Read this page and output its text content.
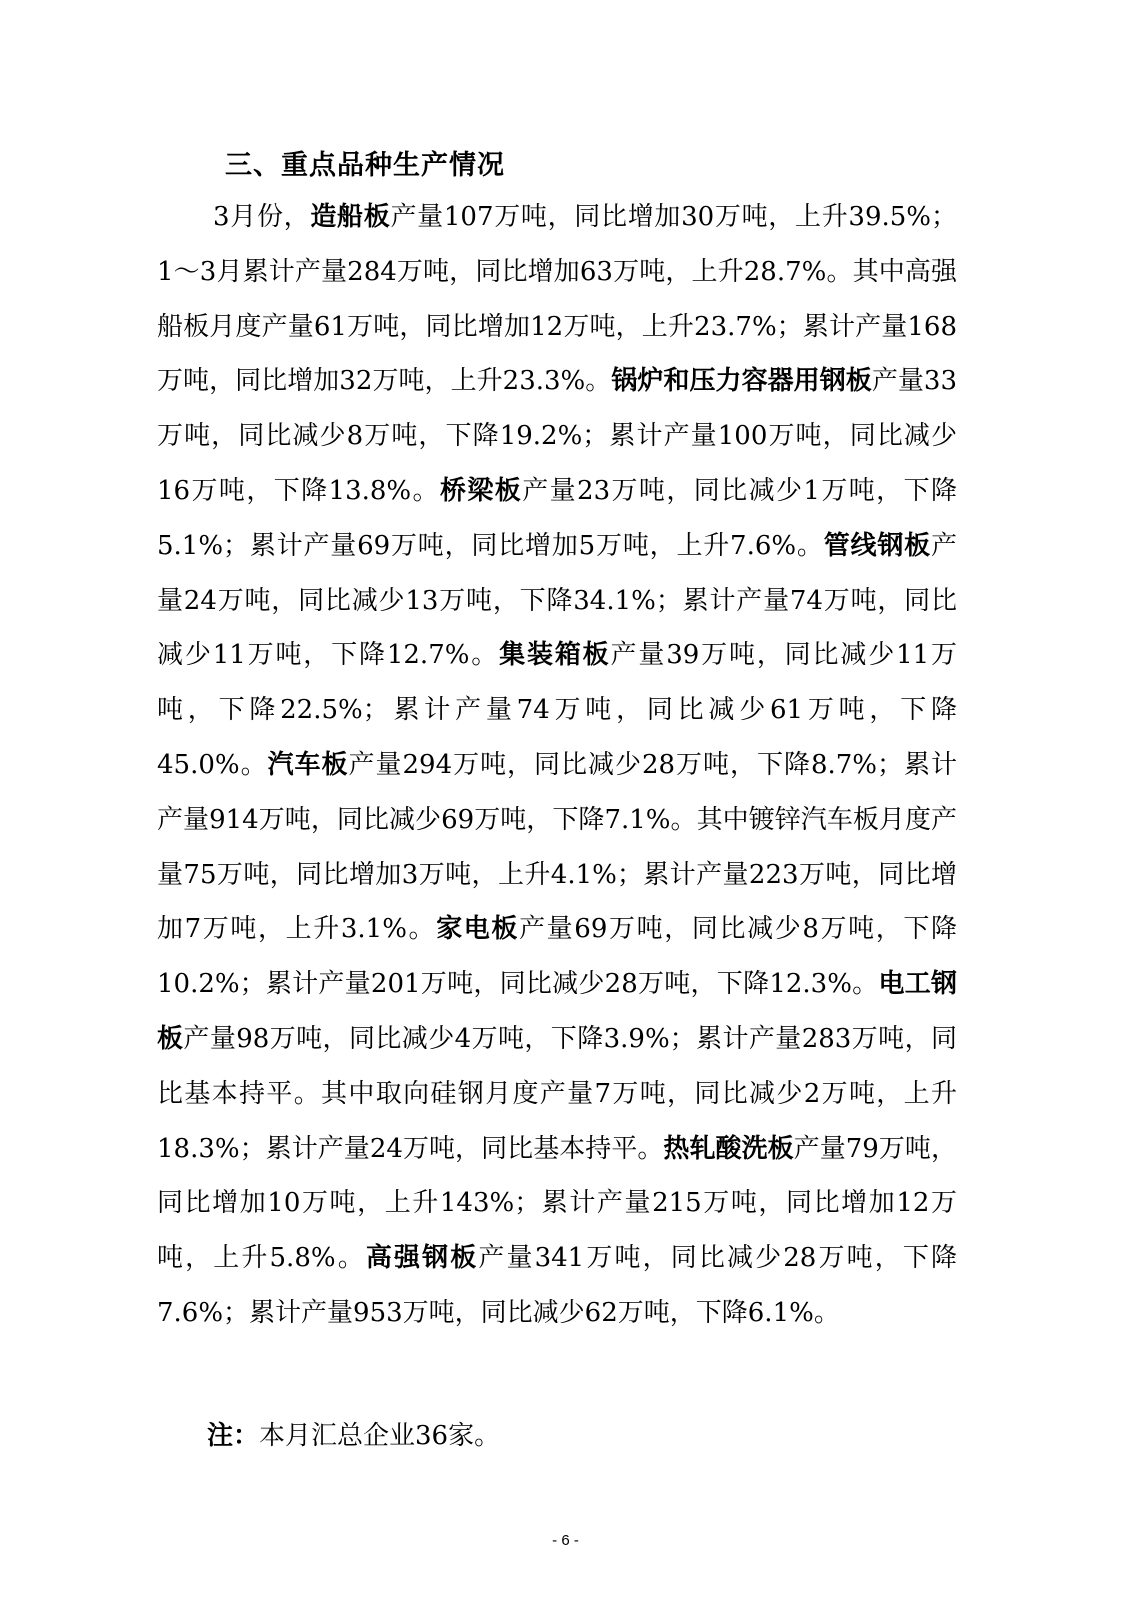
三、重点品种生产情况

3月份，造船板产量107万吨，同比增加30万吨，上升39.5%；1～3月累计产量284万吨，同比增加63万吨，上升28.7%。其中高强船板月度产量61万吨，同比增加12万吨，上升23.7%；累计产量168万吨，同比增加32万吨，上升23.3%。锅炉和压力容器用钢板产量33万吨，同比减少8万吨，下降19.2%；累计产量100万吨，同比减少16万吨，下降13.8%。桥梁板产量23万吨，同比减少1万吨，下降5.1%；累计产量69万吨，同比增加5万吨，上升7.6%。管线钢板产量24万吨，同比减少13万吨，下降34.1%；累计产量74万吨，同比减少11万吨，下降12.7%。集装箱板产量39万吨，同比减少11万吨，下降22.5%；累计产量74万吨，同比减少61万吨，下降45.0%。汽车板产量294万吨，同比减少28万吨，下降8.7%；累计产量914万吨，同比减少69万吨，下降7.1%。其中镀锌汽车板月度产量75万吨，同比增加3万吨，上升4.1%；累计产量223万吨，同比增加7万吨，上升3.1%。家电板产量69万吨，同比减少8万吨，下降10.2%；累计产量201万吨，同比减少28万吨，下降12.3%。电工钢板产量98万吨，同比减少4万吨，下降3.9%；累计产量283万吨，同比基本持平。其中取向硅钢月度产量7万吨，同比减少2万吨，上升18.3%；累计产量24万吨，同比基本持平。热轧酸洗板产量79万吨，同比增加10万吨，上升143%；累计产量215万吨，同比增加12万吨，上升5.8%。高强钢板产量341万吨，同比减少28万吨，下降7.6%；累计产量953万吨，同比减少62万吨，下降6.1%。

注：本月汇总企业36家。
- 6 -
